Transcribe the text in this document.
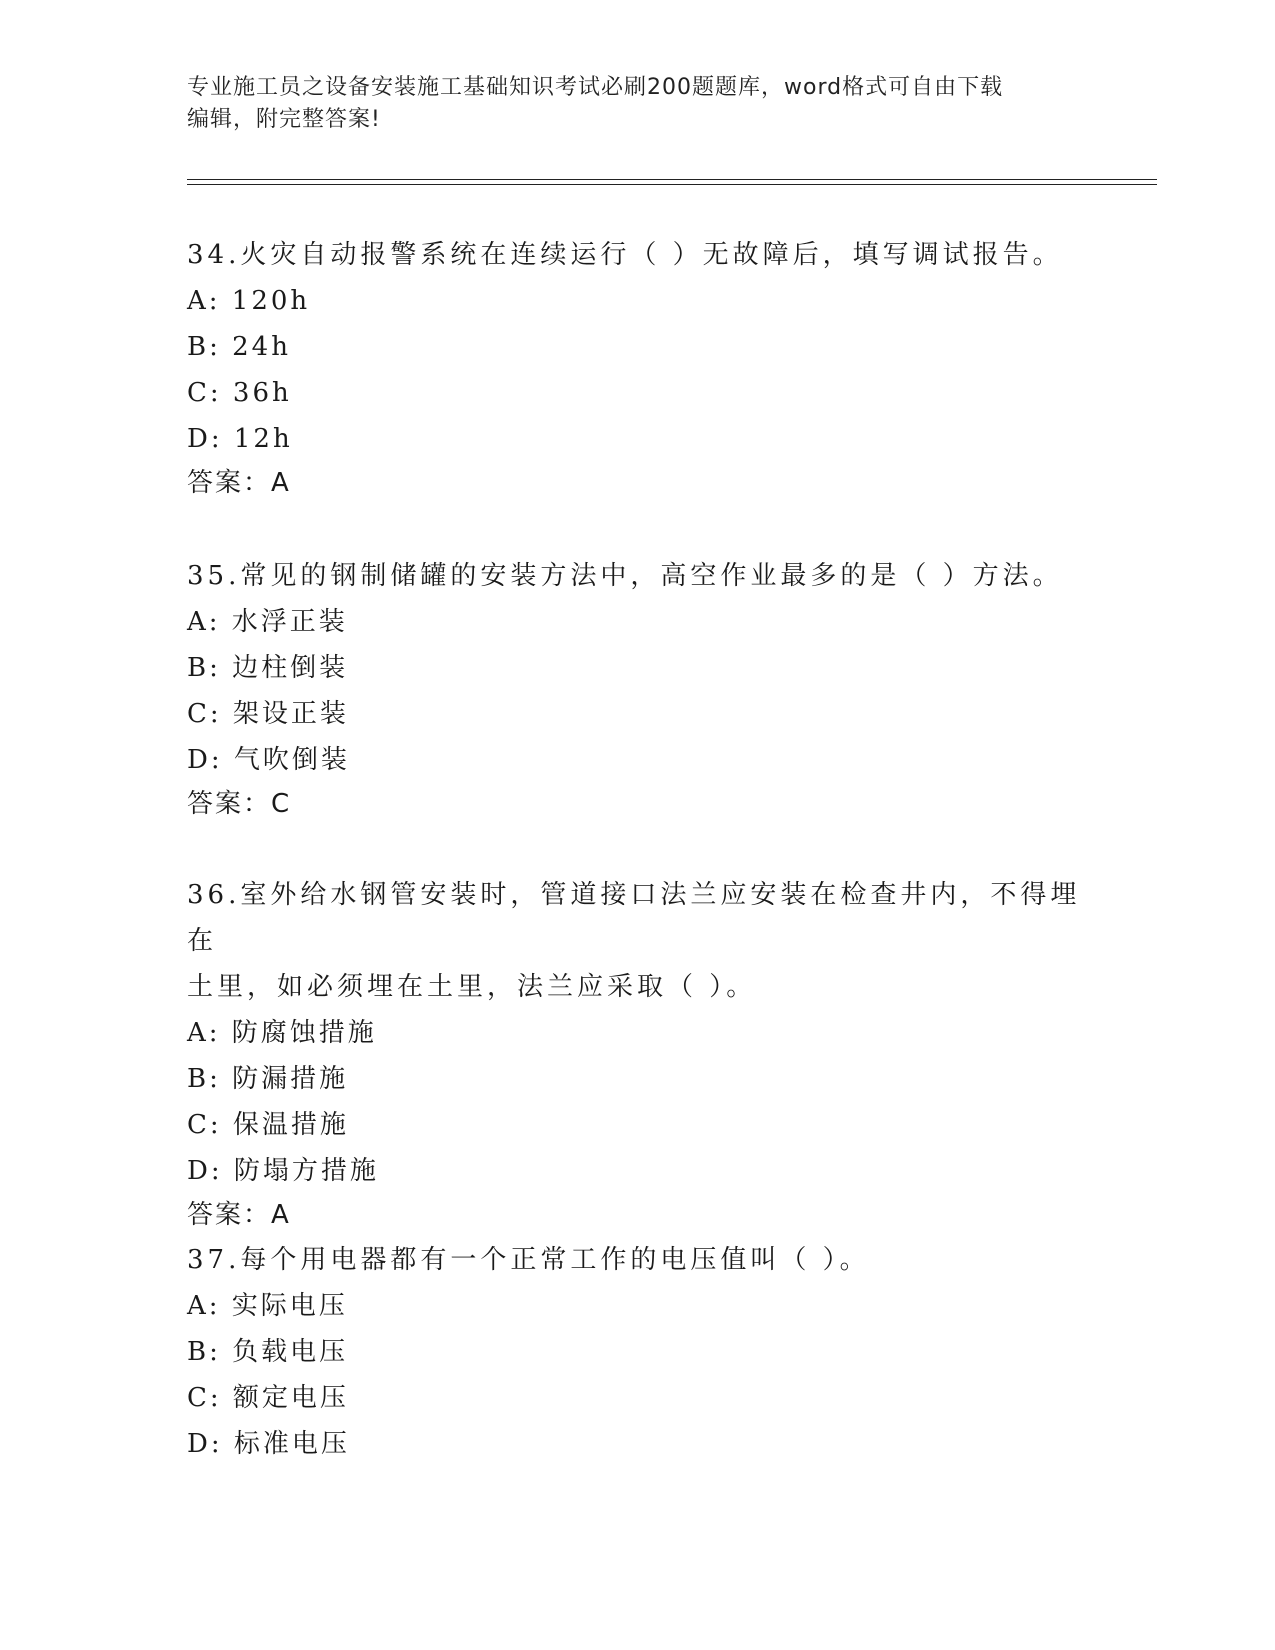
专业施工员之设备安装施工基础知识考试必刷200题题库，word格式可自由下载
编辑，附完整答案!

34.火灾自动报警系统在连续运行（ ）无故障后，填写调试报告。

A: 120h

B: 24h

C: 36h

D: 12h

答案：A

35.常见的钢制储罐的安装方法中，高空作业最多的是（ ）方法。

A: 水浮正装

B: 边柱倒装

C: 架设正装

D: 气吹倒装

答案：C

36.室外给水钢管安装时，管道接口法兰应安装在检查井内，不得埋在

土里，如必须埋在土里，法兰应采取（ ）。

A: 防腐蚀措施

B: 防漏措施

C: 保温措施

D: 防塌方措施

答案：A

37.每个用电器都有一个正常工作的电压值叫（ ）。

A: 实际电压

B: 负载电压

C: 额定电压

D: 标准电压
